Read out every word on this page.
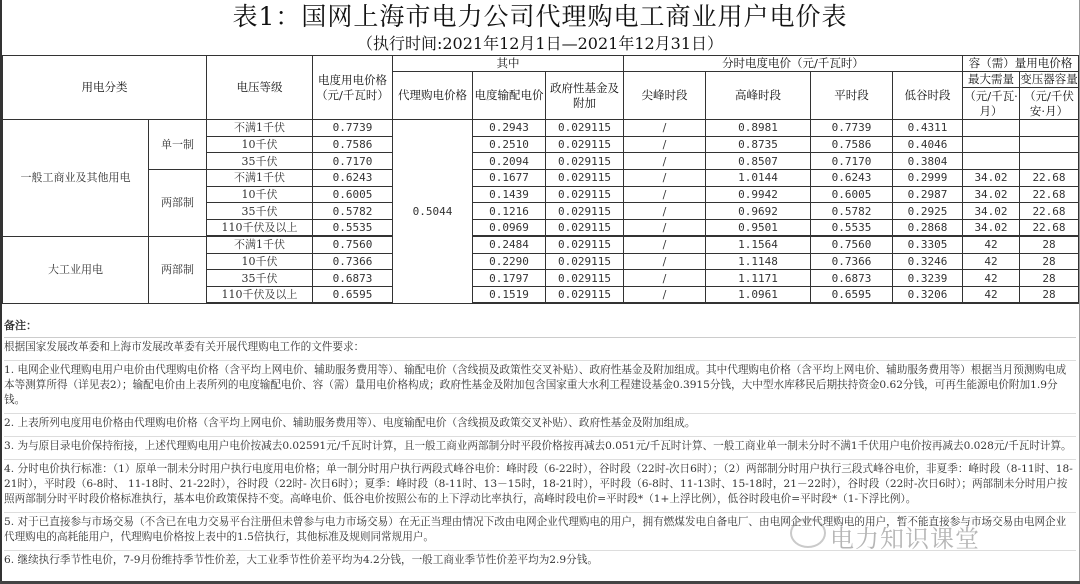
表1：国网上海市电力公司代理购电工商业用户电价表
（执行时间:2021年12月1日—2021年12月31日）
用电分类		电压等级	电度用电价格（元/千瓦时）	其中			分时电度电价（元/千瓦时）				容（需）量用电价格	
				代理购电价格	电度输配电价	政府性基金及附加	尖峰时段	高峰时段	平时段	低谷时段	最大需量	变压器容量
											（元/千瓦·月）	（元/千伏安·月）
一般工商业及其他用电	单一制	不满1千伏	0.7739	0.5044	0.2943	0.029115	/	0.8981	0.7739	0.4311		
		10千伏	0.7586		0.2510	0.029115	/	0.8735	0.7586	0.4046		
		35千伏	0.7170		0.2094	0.029115	/	0.8507	0.7170	0.3804		
	两部制	不满1千伏	0.6243		0.1677	0.029115	/	1.0144	0.6243	0.2999	34.02	22.68
		10千伏	0.6005		0.1439	0.029115	/	0.9942	0.6005	0.2987	34.02	22.68
		35千伏	0.5782		0.1216	0.029115	/	0.9692	0.5782	0.2925	34.02	22.68
		110千伏及以上	0.5535		0.0969	0.029115	/	0.9501	0.5535	0.2868	34.02	22.68
大工业用电	两部制	不满1千伏	0.7560		0.2484	0.029115	/	1.1564	0.7560	0.3305	42	28
		10千伏	0.7366		0.2290	0.029115	/	1.1148	0.7366	0.3246	42	28
		35千伏	0.6873		0.1797	0.029115	/	1.1171	0.6873	0.3239	42	28
		110千伏及以上	0.6595		0.1519	0.029115	/	1.0961	0.6595	0.3206	42	28
备注：

根据国家发展改革委和上海市发展改革委有关开展代理购电工作的文件要求：

1. 电网企业代理购电用户电价由代理购电价格（含平均上网电价、辅助服务费用等）、输配电价（含线损及政策性交叉补贴）、政府性基金及附加组成。其中代理购电价格（含平均上网电价、辅助服务费用等）根据当月预测购电成本等测算所得（详见表2）；输配电价由上表所列的电度输配电价、容（需）量用电价格构成；政府性基金及附加包含国家重大水利工程建设基金0.3915分钱，大中型水库移民后期扶持资金0.62分钱，可再生能源电价附加1.9分钱。

2. 上表所列电度用电价格由代理购电价格（含平均上网电价、辅助服务费用等）、电度输配电价（含线损及政策交叉补贴）、政府性基金及附加组成。

3. 为与原目录电价保持衔接，上述代理购电用户电价按减去0.02591元/千瓦时计算，且一般工商业两部制分时平段价格按再减去0.051元/千瓦时计算、一般工商业单一制未分时不满1千伏用户电价按再减去0.028元/千瓦时计算。

4. 分时电价执行标准：（1）原单一制未分时用户执行电度用电价格；单一制分时用户执行两段式峰谷电价：峰时段（6-22时），谷时段（22时-次日6时）；（2）两部制分时用户执行三段式峰谷电价，非夏季：峰时段（8-11时、18-21时），平时段（6-8时、 11-18时、21-22时），谷时段（22时- 次日6时）；夏季：峰时段（8-11时、13－15时，18-21时），平时段（6-8时、11-13时、15-18时，21－22时），谷时段（22时-次日6时）；两部制未分时用户按照两部制分时平时段价格标准执行，基本电价政策保持不变。高峰电价、低谷电价按照公布的上下浮动比率执行，高峰时段电价=平时段*（1+上浮比例），低谷时段电价=平时段*（1-下浮比例）。

5. 对于已直接参与市场交易（不含已在电力交易平台注册但未曾参与电力市场交易）在无正当理由情况下改由电网企业代理购电的用户，拥有燃煤发电自备电厂、由电网企业代理购电的用户，暂不能直接参与市场交易由电网企业代理购电的高耗能用户，代理购电价格按上表中的1.5倍执行，其他标准及规则同常规用户。

6. 继续执行季节性电价，7-9月份维持季节性价差，大工业季节性价差平均为4.2分钱，一般工商业季节性价差平均为2.9分钱。

电力知识课堂
